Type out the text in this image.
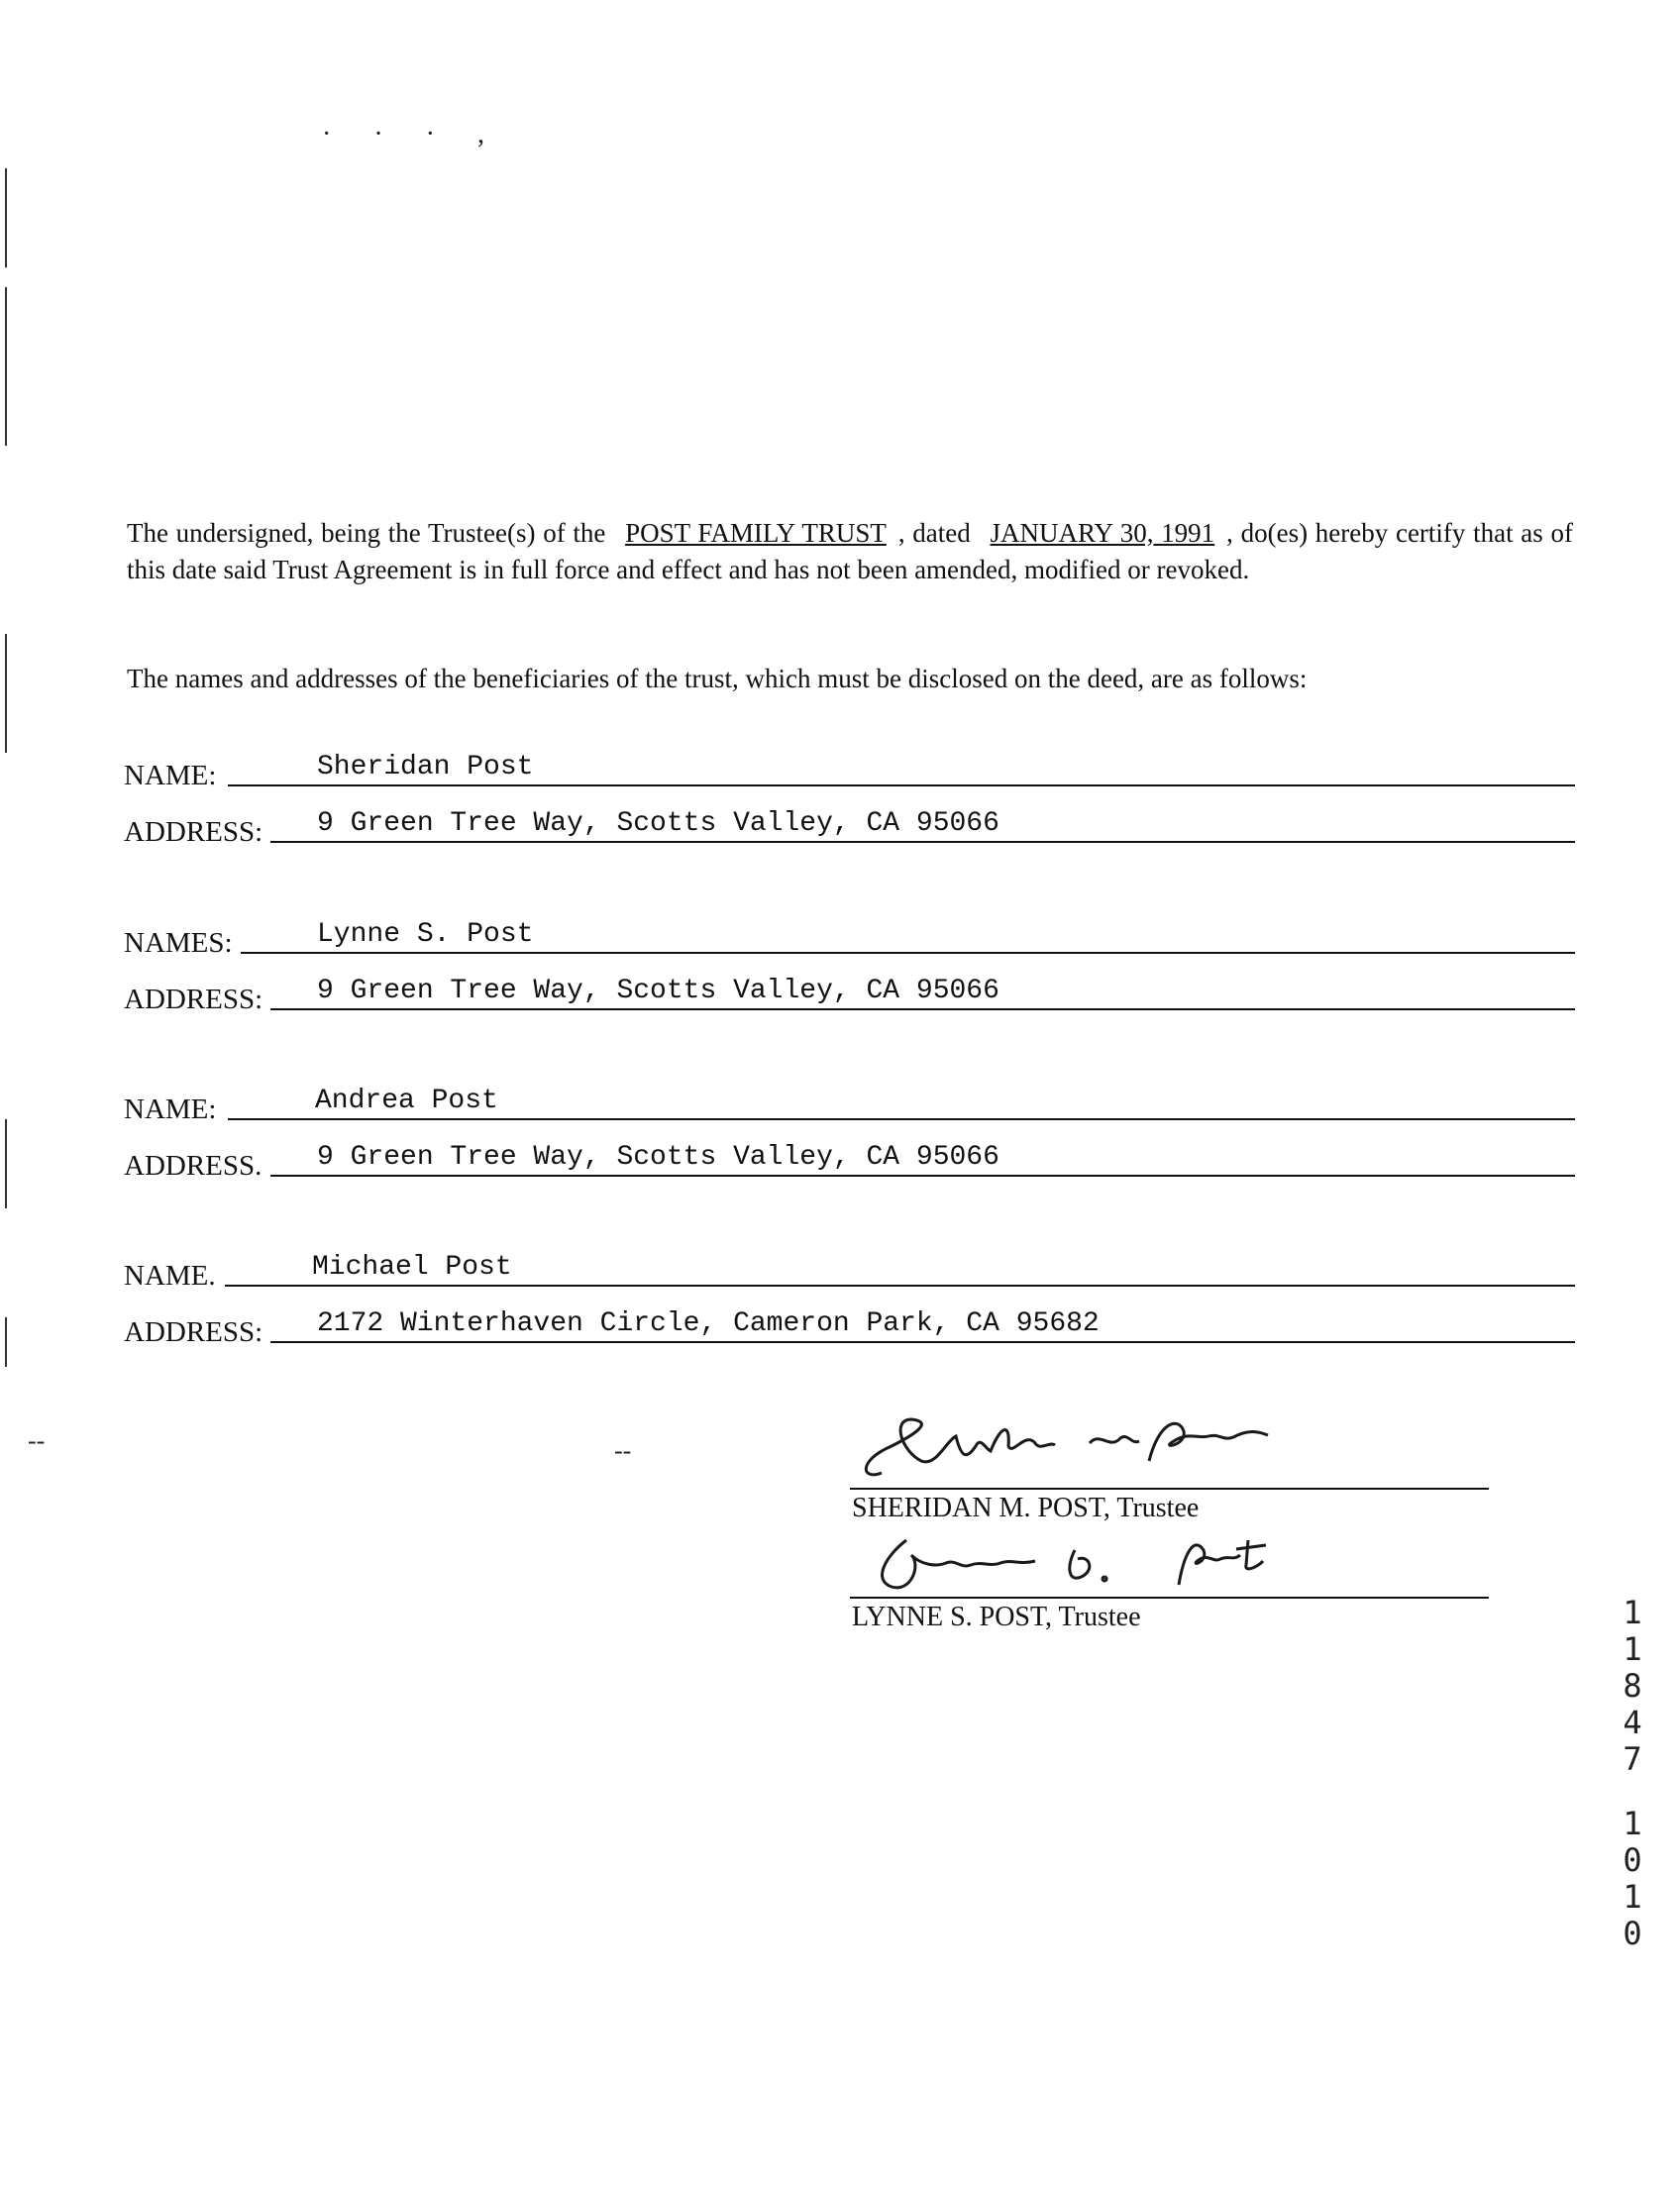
· · · ,
--	--
The undersigned, being the Trustee(s) of the POST FAMILY TRUST , dated JANUARY 30, 1991 , do(es) hereby certify that as of this date said Trust Agreement is in full force and effect and has not been amended, modified or revoked.
The names and addresses of the beneficiaries of the trust, which must be disclosed on the deed, are as follows:
NAME:	Sheridan Post
ADDRESS: 9 Green Tree Way, Scotts Valley, CA 95066
NAMES:	Lynne S. Post
ADDRESS: 9 Green Tree Way, Scotts Valley, CA 95066
NAME:	Andrea Post
ADDRESS. 9 Green Tree Way, Scotts Valley, CA 95066
NAME.	Michael Post
ADDRESS: 2172 Winterhaven Circle, Cameron Park, CA 95682
SHERIDAN M. POST, Trustee
LYNNE S. POST, Trustee	1
1
8
4
7
1
0
1
0
